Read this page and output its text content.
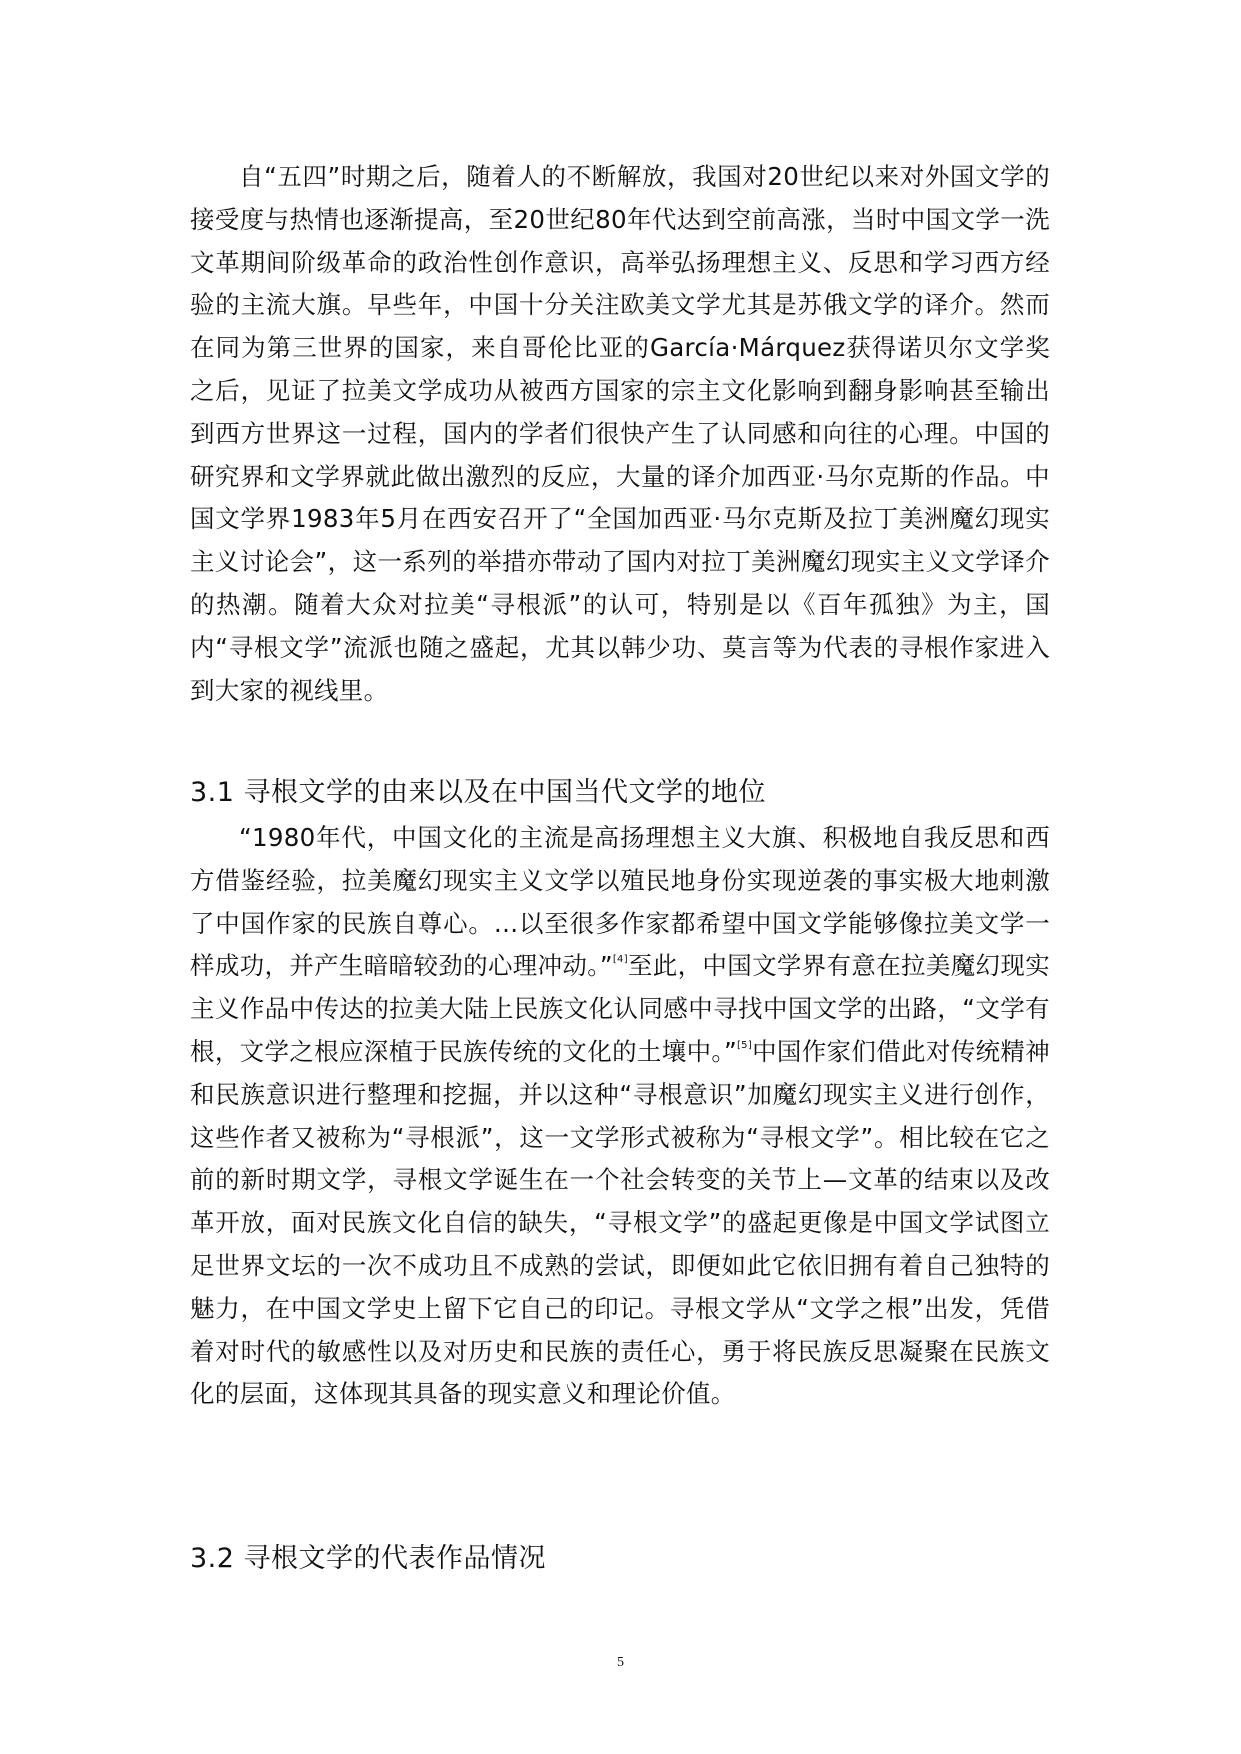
自“五四”时期之后，随着人的不断解放，我国对20世纪以来对外国文学的接受度与热情也逐渐提高，至20世纪80年代达到空前高涨，当时中国文学一洗文革期间阶级革命的政治性创作意识，高举弘扬理想主义、反思和学习西方经验的主流大旗。早些年，中国十分关注欧美文学尤其是苏俄文学的译介。然而在同为第三世界的国家，来自哥伦比亚的García·Márquez获得诺贝尔文学奖之后，见证了拉美文学成功从被西方国家的宗主文化影响到翻身影响甚至输出到西方世界这一过程，国内的学者们很快产生了认同感和向往的心理。中国的研究界和文学界就此做出激烈的反应，大量的译介加西亚·马尔克斯的作品。中国文学界1983年5月在西安召开了“全国加西亚·马尔克斯及拉丁美洲魔幻现实主义讨论会”，这一系列的举措亦带动了国内对拉丁美洲魔幻现实主义文学译介的热潮。随着大众对拉美“寻根派”的认可，特别是以《百年孤独》为主，国内“寻根文学”流派也随之盛起，尤其以韩少功、莫言等为代表的寻根作家进入到大家的视线里。

3.1 寻根文学的由来以及在中国当代文学的地位

“1980年代，中国文化的主流是高扬理想主义大旗、积极地自我反思和西方借鉴经验，拉美魔幻现实主义文学以殖民地身份实现逆袭的事实极大地刺激了中国作家的民族自尊心。…以至很多作家都希望中国文学能够像拉美文学一样成功，并产生暗暗较劲的心理冲动。”[4]至此，中国文学界有意在拉美魔幻现实主义作品中传达的拉美大陆上民族文化认同感中寻找中国文学的出路，“文学有根，文学之根应深植于民族传统的文化的土壤中。”[5]中国作家们借此对传统精神和民族意识进行整理和挖掘，并以这种“寻根意识”加魔幻现实主义进行创作，这些作者又被称为“寻根派”，这一文学形式被称为“寻根文学”。相比较在它之前的新时期文学，寻根文学诞生在一个社会转变的关节上—文革的结束以及改革开放，面对民族文化自信的缺失，“寻根文学”的盛起更像是中国文学试图立足世界文坛的一次不成功且不成熟的尝试，即便如此它依旧拥有着自己独特的魅力，在中国文学史上留下它自己的印记。寻根文学从“文学之根”出发，凭借着对时代的敏感性以及对历史和民族的责任心，勇于将民族反思凝聚在民族文化的层面，这体现其具备的现实意义和理论价值。

3.2 寻根文学的代表作品情况
5
